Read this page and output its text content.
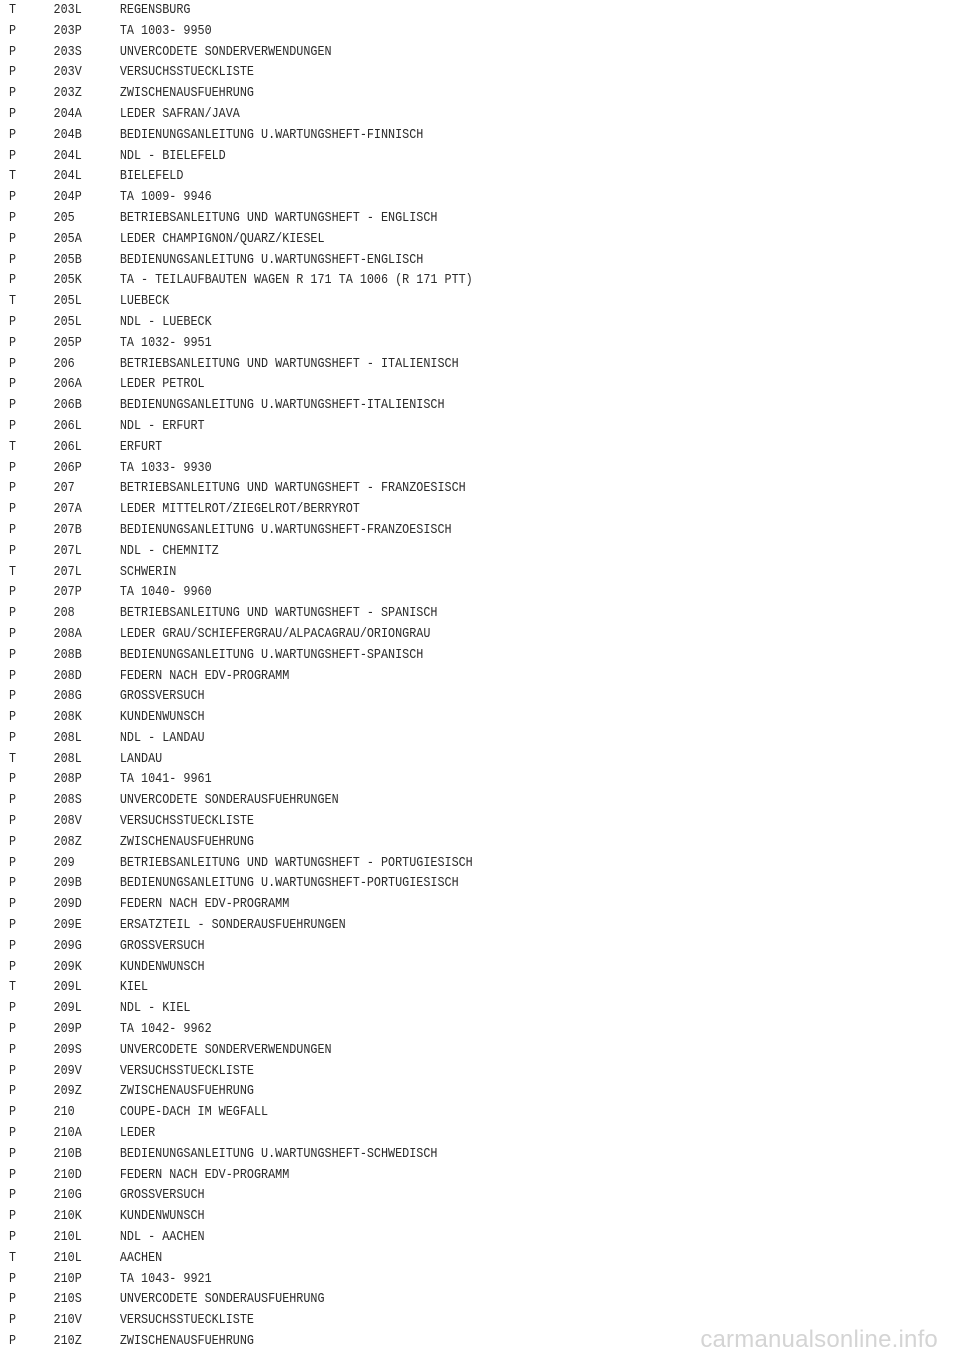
T	203L	REGENSBURG
P	203P	TA 1003- 9950
P	203S	UNVERCODETE SONDERVERWENDUNGEN
P	203V	VERSUCHSSTUECKLISTE
P	203Z	ZWISCHENAUSFUEHRUNG
P	204A	LEDER SAFRAN/JAVA
P	204B	BEDIENUNGSANLEITUNG U.WARTUNGSHEFT-FINNISCH
P	204L	NDL - BIELEFELD
T	204L	BIELEFELD
P	204P	TA 1009- 9946
P	205	BETRIEBSANLEITUNG UND WARTUNGSHEFT - ENGLISCH
P	205A	LEDER CHAMPIGNON/QUARZ/KIESEL
P	205B	BEDIENUNGSANLEITUNG U.WARTUNGSHEFT-ENGLISCH
P	205K	TA - TEILAUFBAUTEN WAGEN R 171 TA 1006 (R 171 PTT)
T	205L	LUEBECK
P	205L	NDL - LUEBECK
P	205P	TA 1032- 9951
P	206	BETRIEBSANLEITUNG UND WARTUNGSHEFT - ITALIENISCH
P	206A	LEDER PETROL
P	206B	BEDIENUNGSANLEITUNG U.WARTUNGSHEFT-ITALIENISCH
P	206L	NDL - ERFURT
T	206L	ERFURT
P	206P	TA 1033- 9930
P	207	BETRIEBSANLEITUNG UND WARTUNGSHEFT - FRANZOESISCH
P	207A	LEDER MITTELROT/ZIEGELROT/BERRYROT
P	207B	BEDIENUNGSANLEITUNG U.WARTUNGSHEFT-FRANZOESISCH
P	207L	NDL - CHEMNITZ
T	207L	SCHWERIN
P	207P	TA 1040- 9960
P	208	BETRIEBSANLEITUNG UND WARTUNGSHEFT - SPANISCH
P	208A	LEDER GRAU/SCHIEFERGRAU/ALPACAGRAU/ORIONGRAU
P	208B	BEDIENUNGSANLEITUNG U.WARTUNGSHEFT-SPANISCH
P	208D	FEDERN NACH EDV-PROGRAMM
P	208G	GROSSVERSUCH
P	208K	KUNDENWUNSCH
P	208L	NDL - LANDAU
T	208L	LANDAU
P	208P	TA 1041- 9961
P	208S	UNVERCODETE SONDERAUSFUEHRUNGEN
P	208V	VERSUCHSSTUECKLISTE
P	208Z	ZWISCHENAUSFUEHRUNG
P	209	BETRIEBSANLEITUNG UND WARTUNGSHEFT - PORTUGIESISCH
P	209B	BEDIENUNGSANLEITUNG U.WARTUNGSHEFT-PORTUGIESISCH
P	209D	FEDERN NACH EDV-PROGRAMM
P	209E	ERSATZTEIL - SONDERAUSFUEHRUNGEN
P	209G	GROSSVERSUCH
P	209K	KUNDENWUNSCH
T	209L	KIEL
P	209L	NDL - KIEL
P	209P	TA 1042- 9962
P	209S	UNVERCODETE SONDERVERWENDUNGEN
P	209V	VERSUCHSSTUECKLISTE
P	209Z	ZWISCHENAUSFUEHRUNG
P	210	COUPE-DACH IM WEGFALL
P	210A	LEDER
P	210B	BEDIENUNGSANLEITUNG U.WARTUNGSHEFT-SCHWEDISCH
P	210D	FEDERN NACH EDV-PROGRAMM
P	210G	GROSSVERSUCH
P	210K	KUNDENWUNSCH
P	210L	NDL - AACHEN
T	210L	AACHEN
P	210P	TA 1043- 9921
P	210S	UNVERCODETE SONDERAUSFUEHRUNG
P	210V	VERSUCHSSTUECKLISTE
P	210Z	ZWISCHENAUSFUEHRUNG	carmanualsonline.info
